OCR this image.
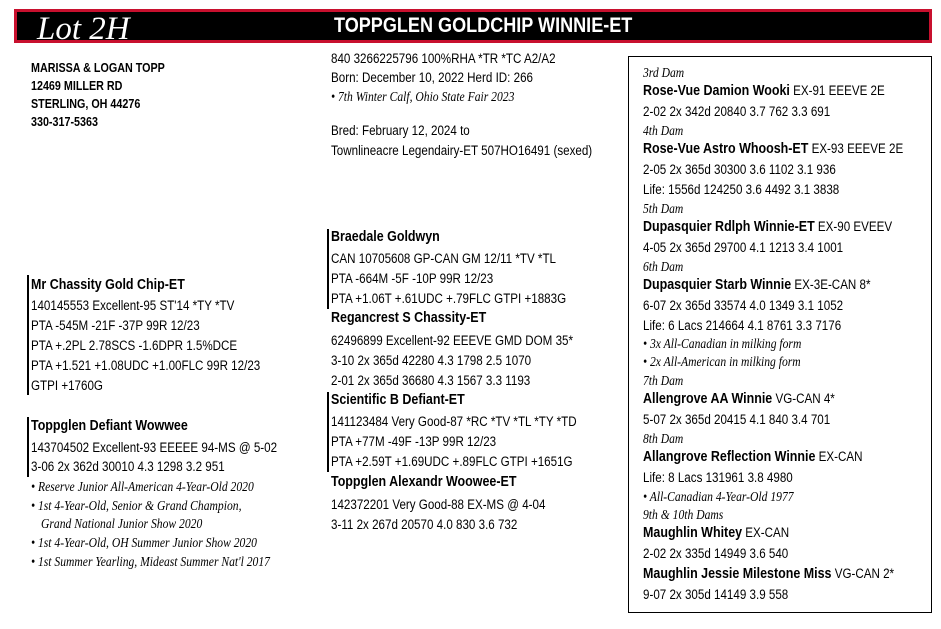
Lot 2H	TOPPGLEN GOLDCHIP WINNIE-ET
MARISSA & LOGAN TOPP
12469 MILLER RD
STERLING, OH 44276
330-317-5363
840 3266225796 100%RHA *TR *TC A2/A2
Born: December 10, 2022 Herd ID: 266
• 7th Winter Calf, Ohio State Fair 2023
Bred: February 12, 2024 to
Townlineacre Legendairy-ET 507HO16491 (sexed)
Mr Chassity Gold Chip-ET
140145553 Excellent-95 ST'14 *TY *TV
PTA -545M -21F -37P 99R 12/23
PTA +.2PL 2.78SCS -1.6DPR 1.5%DCE
PTA +1.521 +1.08UDC +1.00FLC 99R 12/23
GTPI +1760G
Toppglen Defiant Wowwee
143704502 Excellent-93 EEEEE 94-MS @ 5-02
3-06 2x 362d 30010 4.3 1298 3.2 951
• Reserve Junior All-American 4-Year-Old 2020
• 1st 4-Year-Old, Senior & Grand Champion,
Grand National Junior Show 2020
• 1st 4-Year-Old, OH Summer Junior Show 2020
• 1st Summer Yearling, Mideast Summer Nat'l 2017
Braedale Goldwyn
CAN 10705608 GP-CAN GM 12/11 *TV *TL
PTA -664M -5F -10P 99R 12/23
PTA +1.06T +.61UDC +.79FLC GTPI +1883G
Regancrest S Chassity-ET
62496899 Excellent-92 EEEVE GMD DOM 35*
3-10 2x 365d 42280 4.3 1798 2.5 1070
2-01 2x 365d 36680 4.3 1567 3.3 1193
Scientific B Defiant-ET
141123484 Very Good-87 *RC *TV *TL *TY *TD
PTA +77M -49F -13P 99R 12/23
PTA +2.59T +1.69UDC +.89FLC GTPI +1651G
Toppglen Alexandr Woowee-ET
142372201 Very Good-88 EX-MS @ 4-04
3-11 2x 267d 20570 4.0 830 3.6 732
3rd Dam
Rose-Vue Damion Wooki EX-91 EEEVE 2E
2-02 2x 342d 20840 3.7 762 3.3 691
4th Dam
Rose-Vue Astro Whoosh-ET EX-93 EEEVE 2E
2-05 2x 365d 30300 3.6 1102 3.1 936
Life: 1556d 124250 3.6 4492 3.1 3838
5th Dam
Dupasquier Rdlph Winnie-ET EX-90 EVEEV
4-05 2x 365d 29700 4.1 1213 3.4 1001
6th Dam
Dupasquier Starb Winnie EX-3E-CAN 8*
6-07 2x 365d 33574 4.0 1349 3.1 1052
Life: 6 Lacs 214664 4.1 8761 3.3 7176
• 3x All-Canadian in milking form
• 2x All-American in milking form
7th Dam
Allengrove AA Winnie VG-CAN 4*
5-07 2x 365d 20415 4.1 840 3.4 701
8th Dam
Allangrove Reflection Winnie EX-CAN
Life: 8 Lacs 131961 3.8 4980
• All-Canadian 4-Year-Old 1977
9th & 10th Dams
Maughlin Whitey EX-CAN
2-02 2x 335d 14949 3.6 540
Maughlin Jessie Milestone Miss VG-CAN 2*
9-07 2x 305d 14149 3.9 558
